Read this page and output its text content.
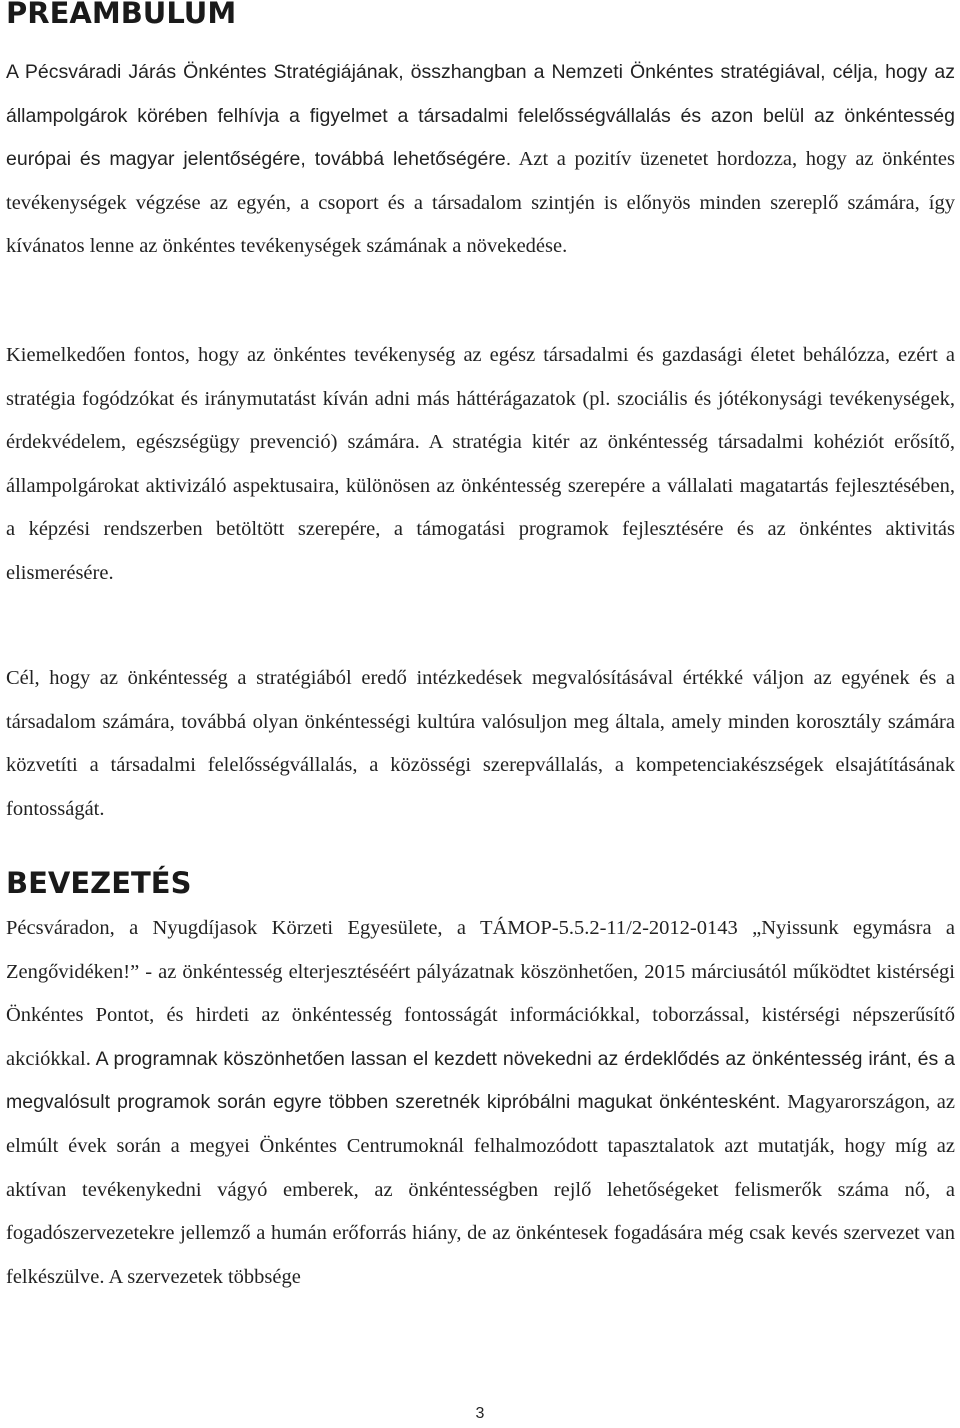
PREAMBULUM

A Pécsváradi Járás Önkéntes Stratégiájának, összhangban a Nemzeti Önkéntes stratégiával, célja, hogy az állampolgárok körében felhívja a figyelmet a társadalmi felelősségvállalás és azon belül az önkéntesség európai és magyar jelentőségére, továbbá lehetőségére. Azt a pozitív üzenetet hordozza, hogy az önkéntes tevékenységek végzése az egyén, a csoport és a társadalom szintjén is előnyös minden szereplő számára, így kívánatos lenne az önkéntes tevékenységek számának a növekedése.

Kiemelkedően fontos, hogy az önkéntes tevékenység az egész társadalmi és gazdasági életet behálózza, ezért a stratégia fogódzókat és iránymutatást kíván adni más háttérágazatok (pl. szociális és jótékonysági tevékenységek, érdekvédelem, egészségügy prevenció) számára. A stratégia kitér az önkéntesség társadalmi kohéziót erősítő, állampolgárokat aktivizáló aspektusaira, különösen az önkéntesség szerepére a vállalati magatartás fejlesztésében, a képzési rendszerben betöltött szerepére, a támogatási programok fejlesztésére és az önkéntes aktivitás elismerésére.

Cél, hogy az önkéntesség a stratégiából eredő intézkedések megvalósításával értékké váljon az egyének és a társadalom számára, továbbá olyan önkéntességi kultúra valósuljon meg általa, amely minden korosztály számára közvetíti a társadalmi felelősségvállalás, a közösségi szerepvállalás, a kompetenciakészségek elsajátításának fontosságát.

BEVEZETÉS

Pécsváradon, a Nyugdíjasok Körzeti Egyesülete, a TÁMOP-5.5.2-11/2-2012-0143 „Nyissunk egymásra a Zengővidéken!” - az önkéntesség elterjesztéséért pályázatnak köszönhetően, 2015 márciusától működtet kistérségi Önkéntes Pontot, és hirdeti az önkéntesség fontosságát információkkal, toborzással, kistérségi népszerűsítő akciókkal. A programnak köszönhetően lassan el kezdett növekedni az érdeklődés az önkéntesség iránt, és a megvalósult programok során egyre többen szeretnék kipróbálni magukat önkéntesként. Magyarországon, az elmúlt évek során a megyei Önkéntes Centrumoknál felhalmozódott tapasztalatok azt mutatják, hogy míg az aktívan tevékenykedni vágyó emberek, az önkéntességben rejlő lehetőségeket felismerők száma nő, a fogadószervezetekre jellemző a humán erőforrás hiány, de az önkéntesek fogadására még csak kevés szervezet van felkészülve. A szervezetek többsége

3
